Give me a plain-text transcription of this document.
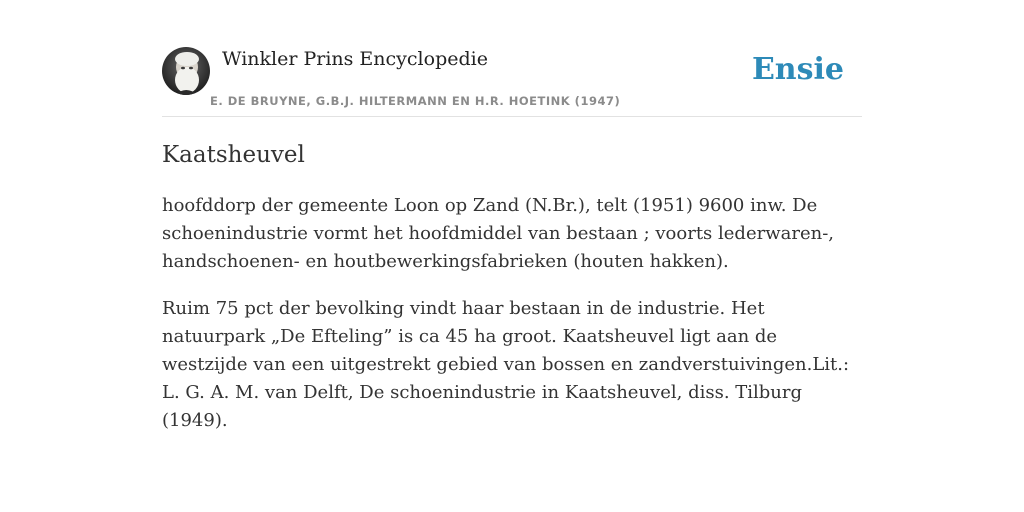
Winkler Prins Encyclopedie
E. DE BRUYNE, G.B.J. HILTERMANN EN H.R. HOETINK (1947)
Ensie
Kaatsheuvel

hoofddorp der gemeente Loon op Zand (N.Br.), telt (1951) 9600 inw. De schoenindustrie vormt het hoofdmiddel van bestaan ; voorts lederwaren-, handschoenen- en houtbewerkingsfabrieken (houten hakken).

Ruim 75 pct der bevolking vindt haar bestaan in de industrie. Het natuurpark „De Efteling” is ca 45 ha groot. Kaatsheuvel ligt aan de westzijde van een uitgestrekt gebied van bossen en zandverstuivingen.Lit.: L. G. A. M. van Delft, De schoenindustrie in Kaatsheuvel, diss. Tilburg (1949).
